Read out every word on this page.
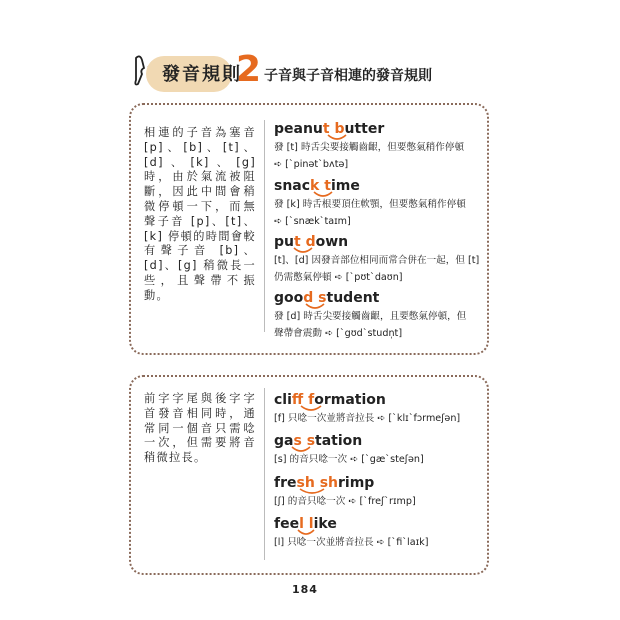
發音規則
2 子音與子音相連的發音規則
相連的子音為塞音 [p]、[b]、[t]、[d]、[k]、[g] 時，由於氣流被阻斷，因此中間會稍微停頓一下，而無聲子音 [p]、[t]、[k] 停頓的時間會較有聲子音 [b]、[d]、[g] 稍微長一些，且聲帶不振動。
peanut butter
發 [t] 時舌尖要接觸齒齦，但要憋氣稍作停頓
➪ [ˋpinətˋbʌtə]
snack time
發 [k] 時舌根要頂住軟顎，但要憋氣稍作停頓
➪ [ˋsnækˋtaɪm]
put down
[t]、[d] 因發音部位相同而常合併在一起，但 [t]
仍需憋氣停頓 ➪ [ˋpʊtˋdaʊn]
good student
發 [d] 時舌尖要接觸齒齦，且要憋氣停頓，但
聲帶會震動 ➪ [ˋgʊdˋstudn̩t]
前字字尾與後字字首發音相同時，通常同一個音只需唸一次，但需要將音稍微拉長。
cliff formation
[f] 只唸一次並將音拉長 ➪ [ˋklɪˋfɔrmeʃən]
gas station
[s] 的音只唸一次 ➪ [ˋgæˋsteʃən]
fresh shrimp
[ʃ] 的音只唸一次 ➪ [ˋfreʃˋrɪmp]
feel like
[l] 只唸一次並將音拉長 ➪ [ˋfiˋlaɪk]
184
